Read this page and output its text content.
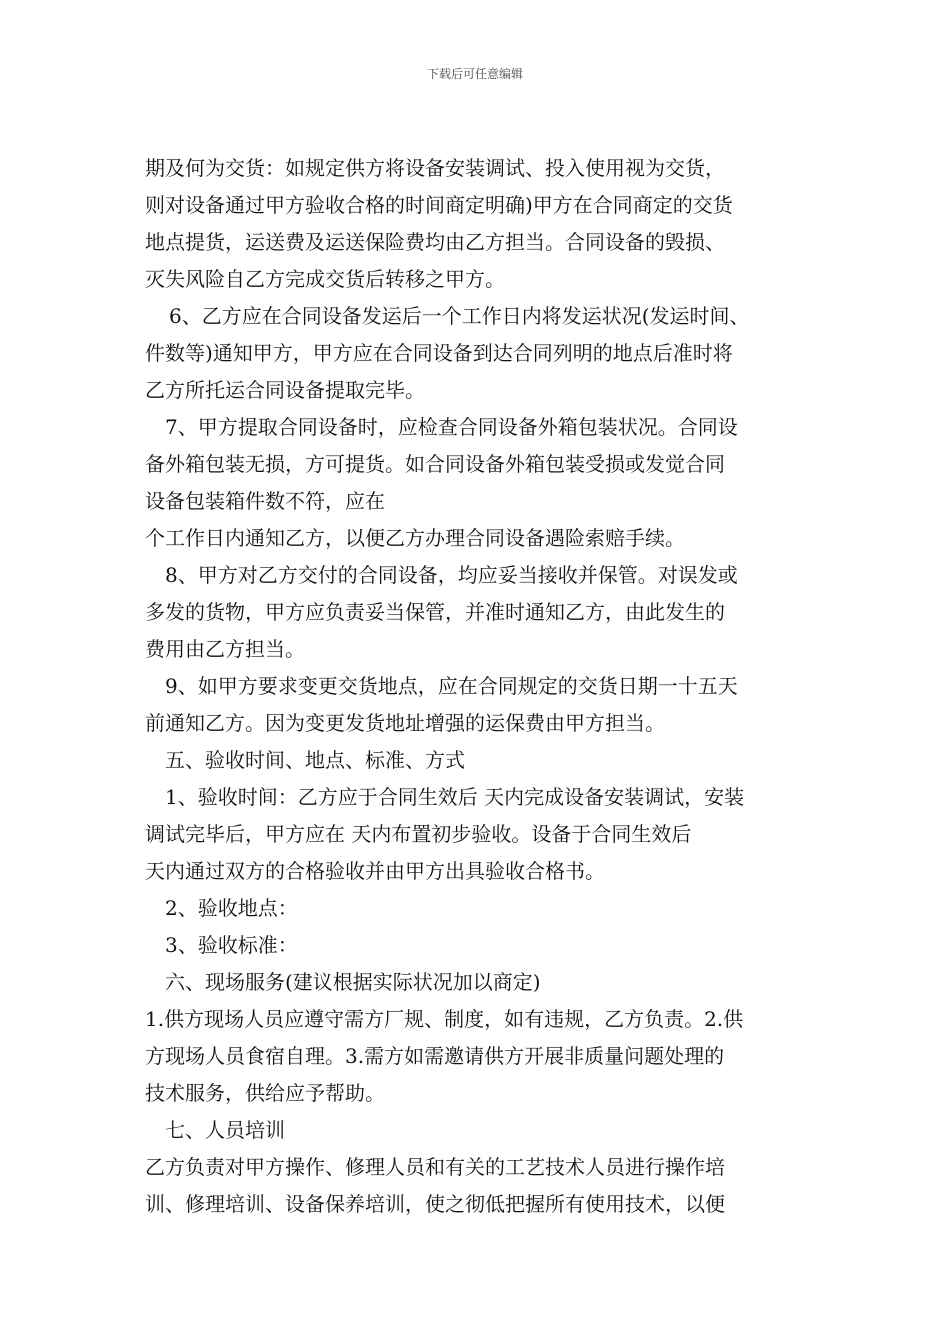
下载后可任意编辑
期及何为交货：如规定供方将设备安装调试、投入使用视为交货，
则对设备通过甲方验收合格的时间商定明确)甲方在合同商定的交货
地点提货，运送费及运送保险费均由乙方担当。合同设备的毁损、
灭失风险自乙方完成交货后转移之甲方。
6、乙方应在合同设备发运后一个工作日内将发运状况(发运时间、
件数等)通知甲方，甲方应在合同设备到达合同列明的地点后准时将
乙方所托运合同设备提取完毕。
7、甲方提取合同设备时，应检查合同设备外箱包装状况。合同设
备外箱包装无损，方可提货。如合同设备外箱包装受损或发觉合同
设备包装箱件数不符，应在
个工作日内通知乙方，以便乙方办理合同设备遇险索赔手续。
8、甲方对乙方交付的合同设备，均应妥当接收并保管。对误发或
多发的货物，甲方应负责妥当保管，并准时通知乙方，由此发生的
费用由乙方担当。
9、如甲方要求变更交货地点，应在合同规定的交货日期一十五天
前通知乙方。因为变更发货地址增强的运保费由甲方担当。
五、验收时间、地点、标准、方式
1、验收时间：乙方应于合同生效后 天内完成设备安装调试，安装
调试完毕后，甲方应在 天内布置初步验收。设备于合同生效后
天内通过双方的合格验收并由甲方出具验收合格书。
2、验收地点：
3、验收标准：
六、现场服务(建议根据实际状况加以商定)
1.供方现场人员应遵守需方厂规、制度，如有违规，乙方负责。2.供
方现场人员食宿自理。3.需方如需邀请供方开展非质量问题处理的
技术服务，供给应予帮助。
七、人员培训
乙方负责对甲方操作、修理人员和有关的工艺技术人员进行操作培
训、修理培训、设备保养培训，使之彻低把握所有使用技术，以便
